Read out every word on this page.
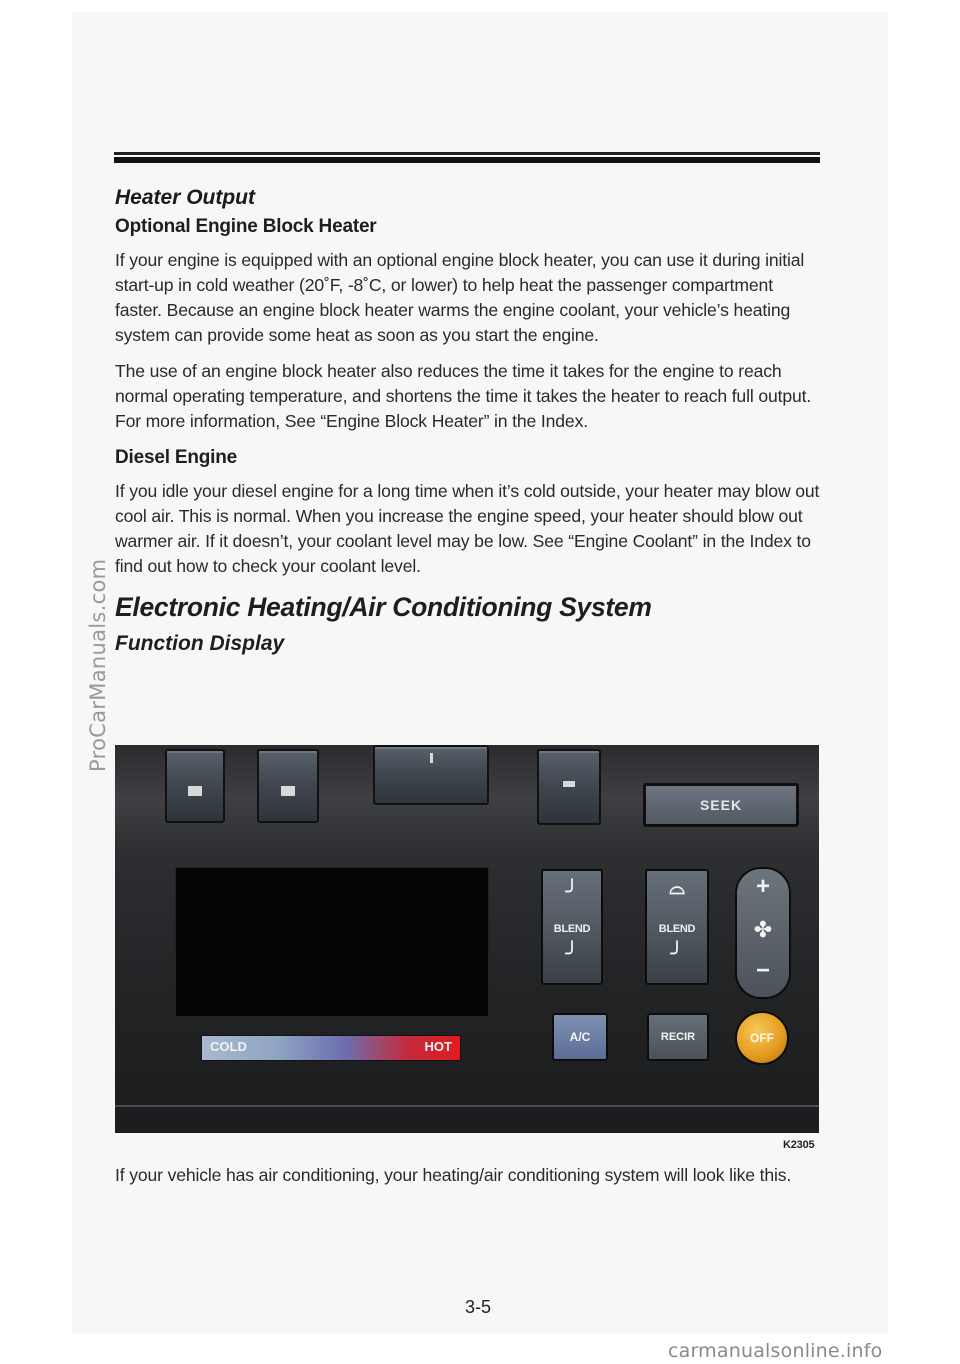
Heater Output
Optional Engine Block Heater

If your engine is equipped with an optional engine block heater, you can use it during initial start-up in cold weather (20˚F, -8˚C, or lower) to help heat the passenger compartment faster. Because an engine block heater warms the engine coolant, your vehicle’s heating system can provide some heat as soon as you start the engine.

The use of an engine block heater also reduces the time it takes for the engine to reach normal operating temperature, and shortens the time it takes the heater to reach full output. For more information, See “Engine Block Heater” in the Index.

Diesel Engine

If you idle your diesel engine for a long time when it’s cold outside, your heater may blow out cool air. This is normal. When you increase the engine speed, your heater should blow out warmer air. If it doesn’t, your coolant level may be low. See “Engine Coolant” in the Index to find out how to check your coolant level.

Electronic Heating/Air Conditioning System
Function Display
SEEK
COLD	HOT
╯
BLEND
╯
⌓
BLEND
╯
+
✤
−
A/C	RECIR	OFF
K2305

If your vehicle has air conditioning, your heating/air conditioning system will look like this.

3-5
ProCarManuals.com
carmanualsonline.info
